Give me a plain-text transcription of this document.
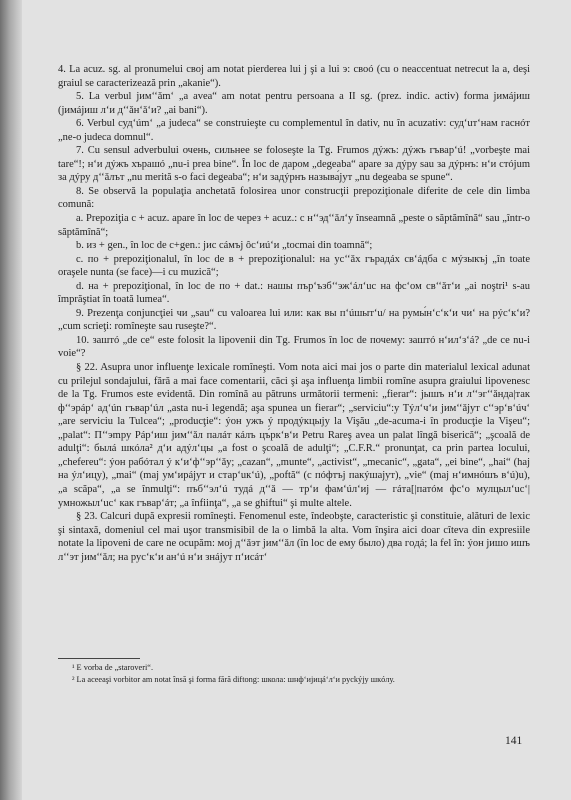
4. La acuz. sg. al pronumelui своj am notat pierderea lui j şi a lui э: своó (cu o neaccentuat netrecut la a, deşi graiul se caracterizează prin „akanie“).

5. La verbul jим‘‘ǎm‘ „a avea“ am notat pentru persoana a II sg. (prez. indic. activ) forma jимájиш (jимájиш л‘и д‘‘ǎн‘ǎ‘и? „ai bani“).

6. Verbul суд‘úm‘ „a judeca“ se construieşte cu complementul în dativ, nu în acuzativ: суд‘uт‘нам гаснóт „ne-o judeca domnul“.

7. Cu sensul adverbului очень, сильнее se foloseşte la Tg. Frumos дýжъ: дýжъ гъвар‘ú! „vorbeşte mai tare“!; н‘и дýжъ хърашó „nu-i prea bine“. În loc de даром „degeaba“ apare за дýру sau за дýрнъ: н‘и стójum за дýру д‘‘ǎлът „nu merită s-o faci degeaba“; н‘и задýрнъ называ́jут „nu degeaba se spune“.

8. Se observă la populaţia anchetată folosirea unor construcţii prepoziţionale diferite de cele din limba comună:

a. Prepoziţia с + acuz. apare în loc de через + acuz.: с н‘‘эд‘‘ǎл‘у înseamnă „peste o săptămînă“ sau „într-o săptămînă“;

b. из + gen., în loc de с+gen.: jис сáмъj ôс‘иú‘и „tocmai din toamnă“;

c. по + prepoziţionalul, în loc de в + prepoziţionalul: на ус‘‘ǎх гърадáх св‘áдба с мýзыкъj „în toate oraşele nunta (se face)—i cu muzică“;

d. на + prepoziţional, în loc de по + dat.: нашы пър‘ъзб‘‘эж‘áл‘uс на фс‘ом св‘‘ǎт‘и „ai noştri¹ s-au împrăştiat în toată lumea“.

9. Prezenţa conjuncţiei чи „sau“ cu valoarea lui или: как вы п‘úшыт‘u/ на румы́н‘с‘к‘и чи‘ на рýс‘к‘и? „cum scrieţi: romîneşte sau ruseşte?“.

10. заштó „de ce“ este folosit la lipovenii din Tg. Frumos în loc de почему: заштó н‘ил‘з‘á? „de ce nu-i voie“?

§ 22. Asupra unor influenţe lexicale romîneşti. Vom nota aici mai jos o parte din materialul lexical adunat cu prilejul sondajului, fără a mai face comentarii, căci şi aşa influenţa limbii romîne asupra graiului lipovenesc de la Tg. Frumos este evidentă. Din romînă au pătruns următorii termeni: „fierar“: jышъ н‘и л‘‘эг‘‘ǎнда|так ф‘‘эрáр‘ ад‘ún гъвар‘úл „asta nu-i legendă; aşa spunea un fierar“; „serviciu“:у Тýл‘ч‘и jим‘‘ǎjут с‘‘эр‘в‘úч‘ „are serviciu la Tulcea“; „producţie“: ýон ужъ ý продýкцыjу la Vişău „de-acuma-i în producţie la Vişeu“; „palat“: П‘‘эmру Рáр‘иш jим‘‘ǎл палáт кáлъ цъ́рк‘в‘и Petru Rareş avea un palat lîngă biserică“; „şcoală de adulţi“: былá шкóлa² д‘и адýл‘цы „a fost o şcoală de adulţi“; „C.F.R.“ pronunţat, ca prin partea locului, „chefereu“: ýон рабóтал ý к‘и‘ф‘‘эр‘‘ǎу; „cazan“, „munte“, „activist“, „mecanic“, „gata“, „ei bine“, „hai“ (haj на ýл‘ицу), „mai“ (maj ум‘ирájут и стар‘uк‘ú), „poftă“ (с пóфтъj пакýшаjут), „vie“ (maj н‘имнóшъ в‘ú)u), „a scăpa“, „a se înmulţi“: пъб‘‘эл‘ú тудá д‘‘ǎ — тр‘и фам‘úл‘иj — гáта[|патóм фс‘о мулцыл‘uс‘|умножыл‘uс‘ как гъвар‘áт; „a înfiinţa“, „a se ghiftui“ şi multe altele.

§ 23. Calcuri după expresii romîneşti. Fenomenul este, îndeobşte, caracteristic şi constituie, alături de lexic şi sintaxă, domeniul cel mai uşor transmisibil de la o limbă la alta. Vom înşira aici doar cîteva din expresiile notate la lipoveni de care ne ocupăm: мој д‘‘ǎэт jим‘‘ǎл (în loc de ему было) два гoдá; la fel în: ýон jишо ишъ л‘‘эт jим‘‘ǎл; на рус‘к‘и ан‘ú н‘и знájут п‘исáт‘

¹ E vorba de „staroveri“.

² La aceeaşi vorbitor am notat însă şi forma fără diftong: школа: шнф‘ијицá‘л‘и русkýjу шкóлу.

141
